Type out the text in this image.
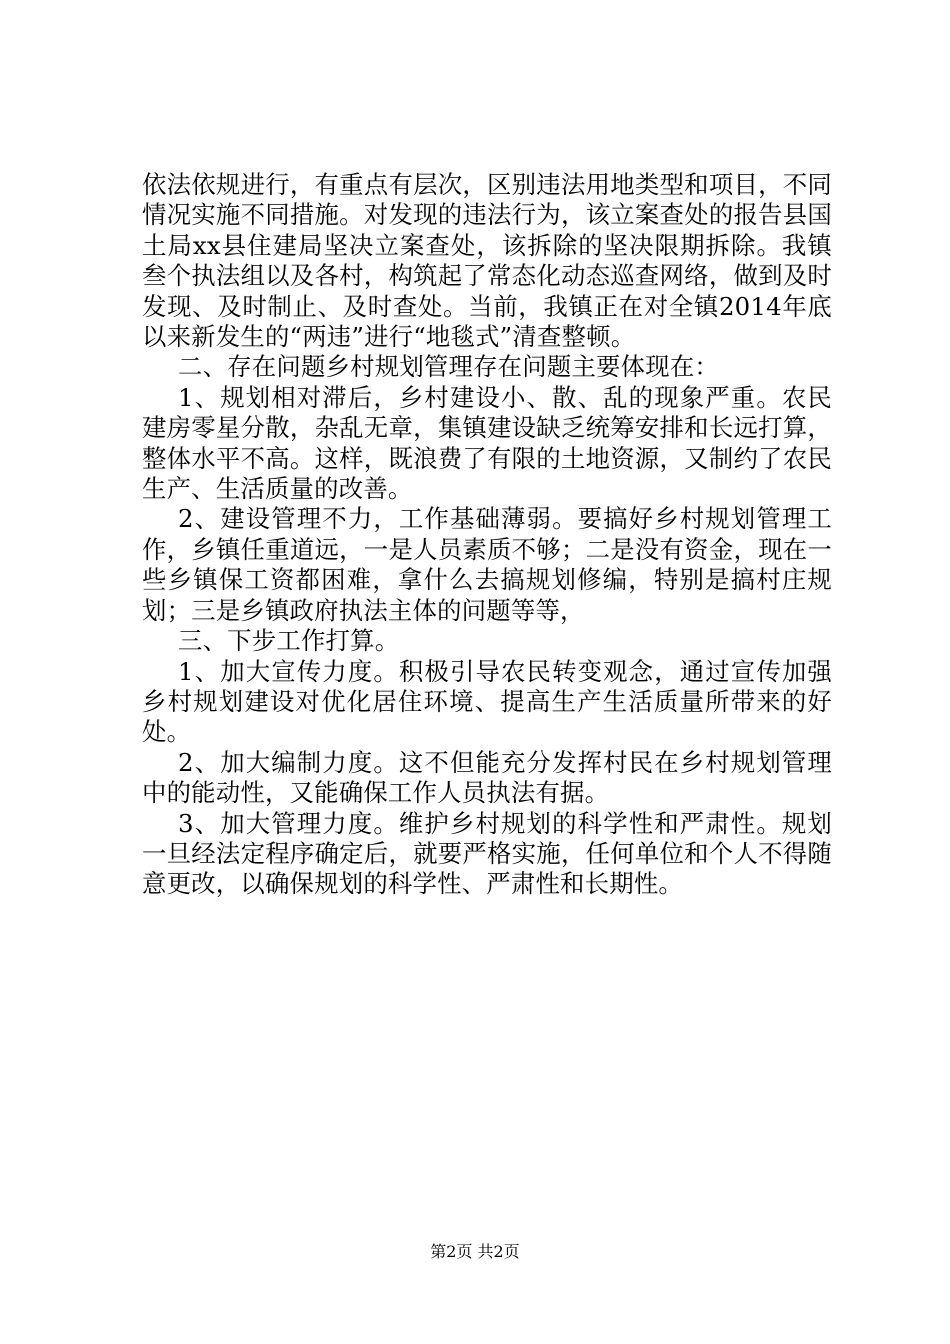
依法依规进行，有重点有层次，区别违法用地类型和项目，不同情况实施不同措施。对发现的违法行为，该立案查处的报告县国土局xx县住建局坚决立案查处，该拆除的坚决限期拆除。我镇叁个执法组以及各村，构筑起了常态化动态巡查网络，做到及时发现、及时制止、及时查处。当前，我镇正在对全镇2014年底以来新发生的“两违”进行“地毯式”清查整顿。

二、存在问题乡村规划管理存在问题主要体现在：

1、规划相对滞后，乡村建设小、散、乱的现象严重。农民建房零星分散，杂乱无章，集镇建设缺乏统筹安排和长远打算，整体水平不高。这样，既浪费了有限的土地资源，又制约了农民生产、生活质量的改善。

2、建设管理不力，工作基础薄弱。要搞好乡村规划管理工作，乡镇任重道远，一是人员素质不够；二是没有资金，现在一些乡镇保工资都困难，拿什么去搞规划修编，特别是搞村庄规划；三是乡镇政府执法主体的问题等等，

三、下步工作打算。

1、加大宣传力度。积极引导农民转变观念，通过宣传加强乡村规划建设对优化居住环境、提高生产生活质量所带来的好处。

2、加大编制力度。这不但能充分发挥村民在乡村规划管理中的能动性，又能确保工作人员执法有据。

3、加大管理力度。维护乡村规划的科学性和严肃性。规划一旦经法定程序确定后，就要严格实施，任何单位和个人不得随意更改，以确保规划的科学性、严肃性和长期性。

第2页 共2页
